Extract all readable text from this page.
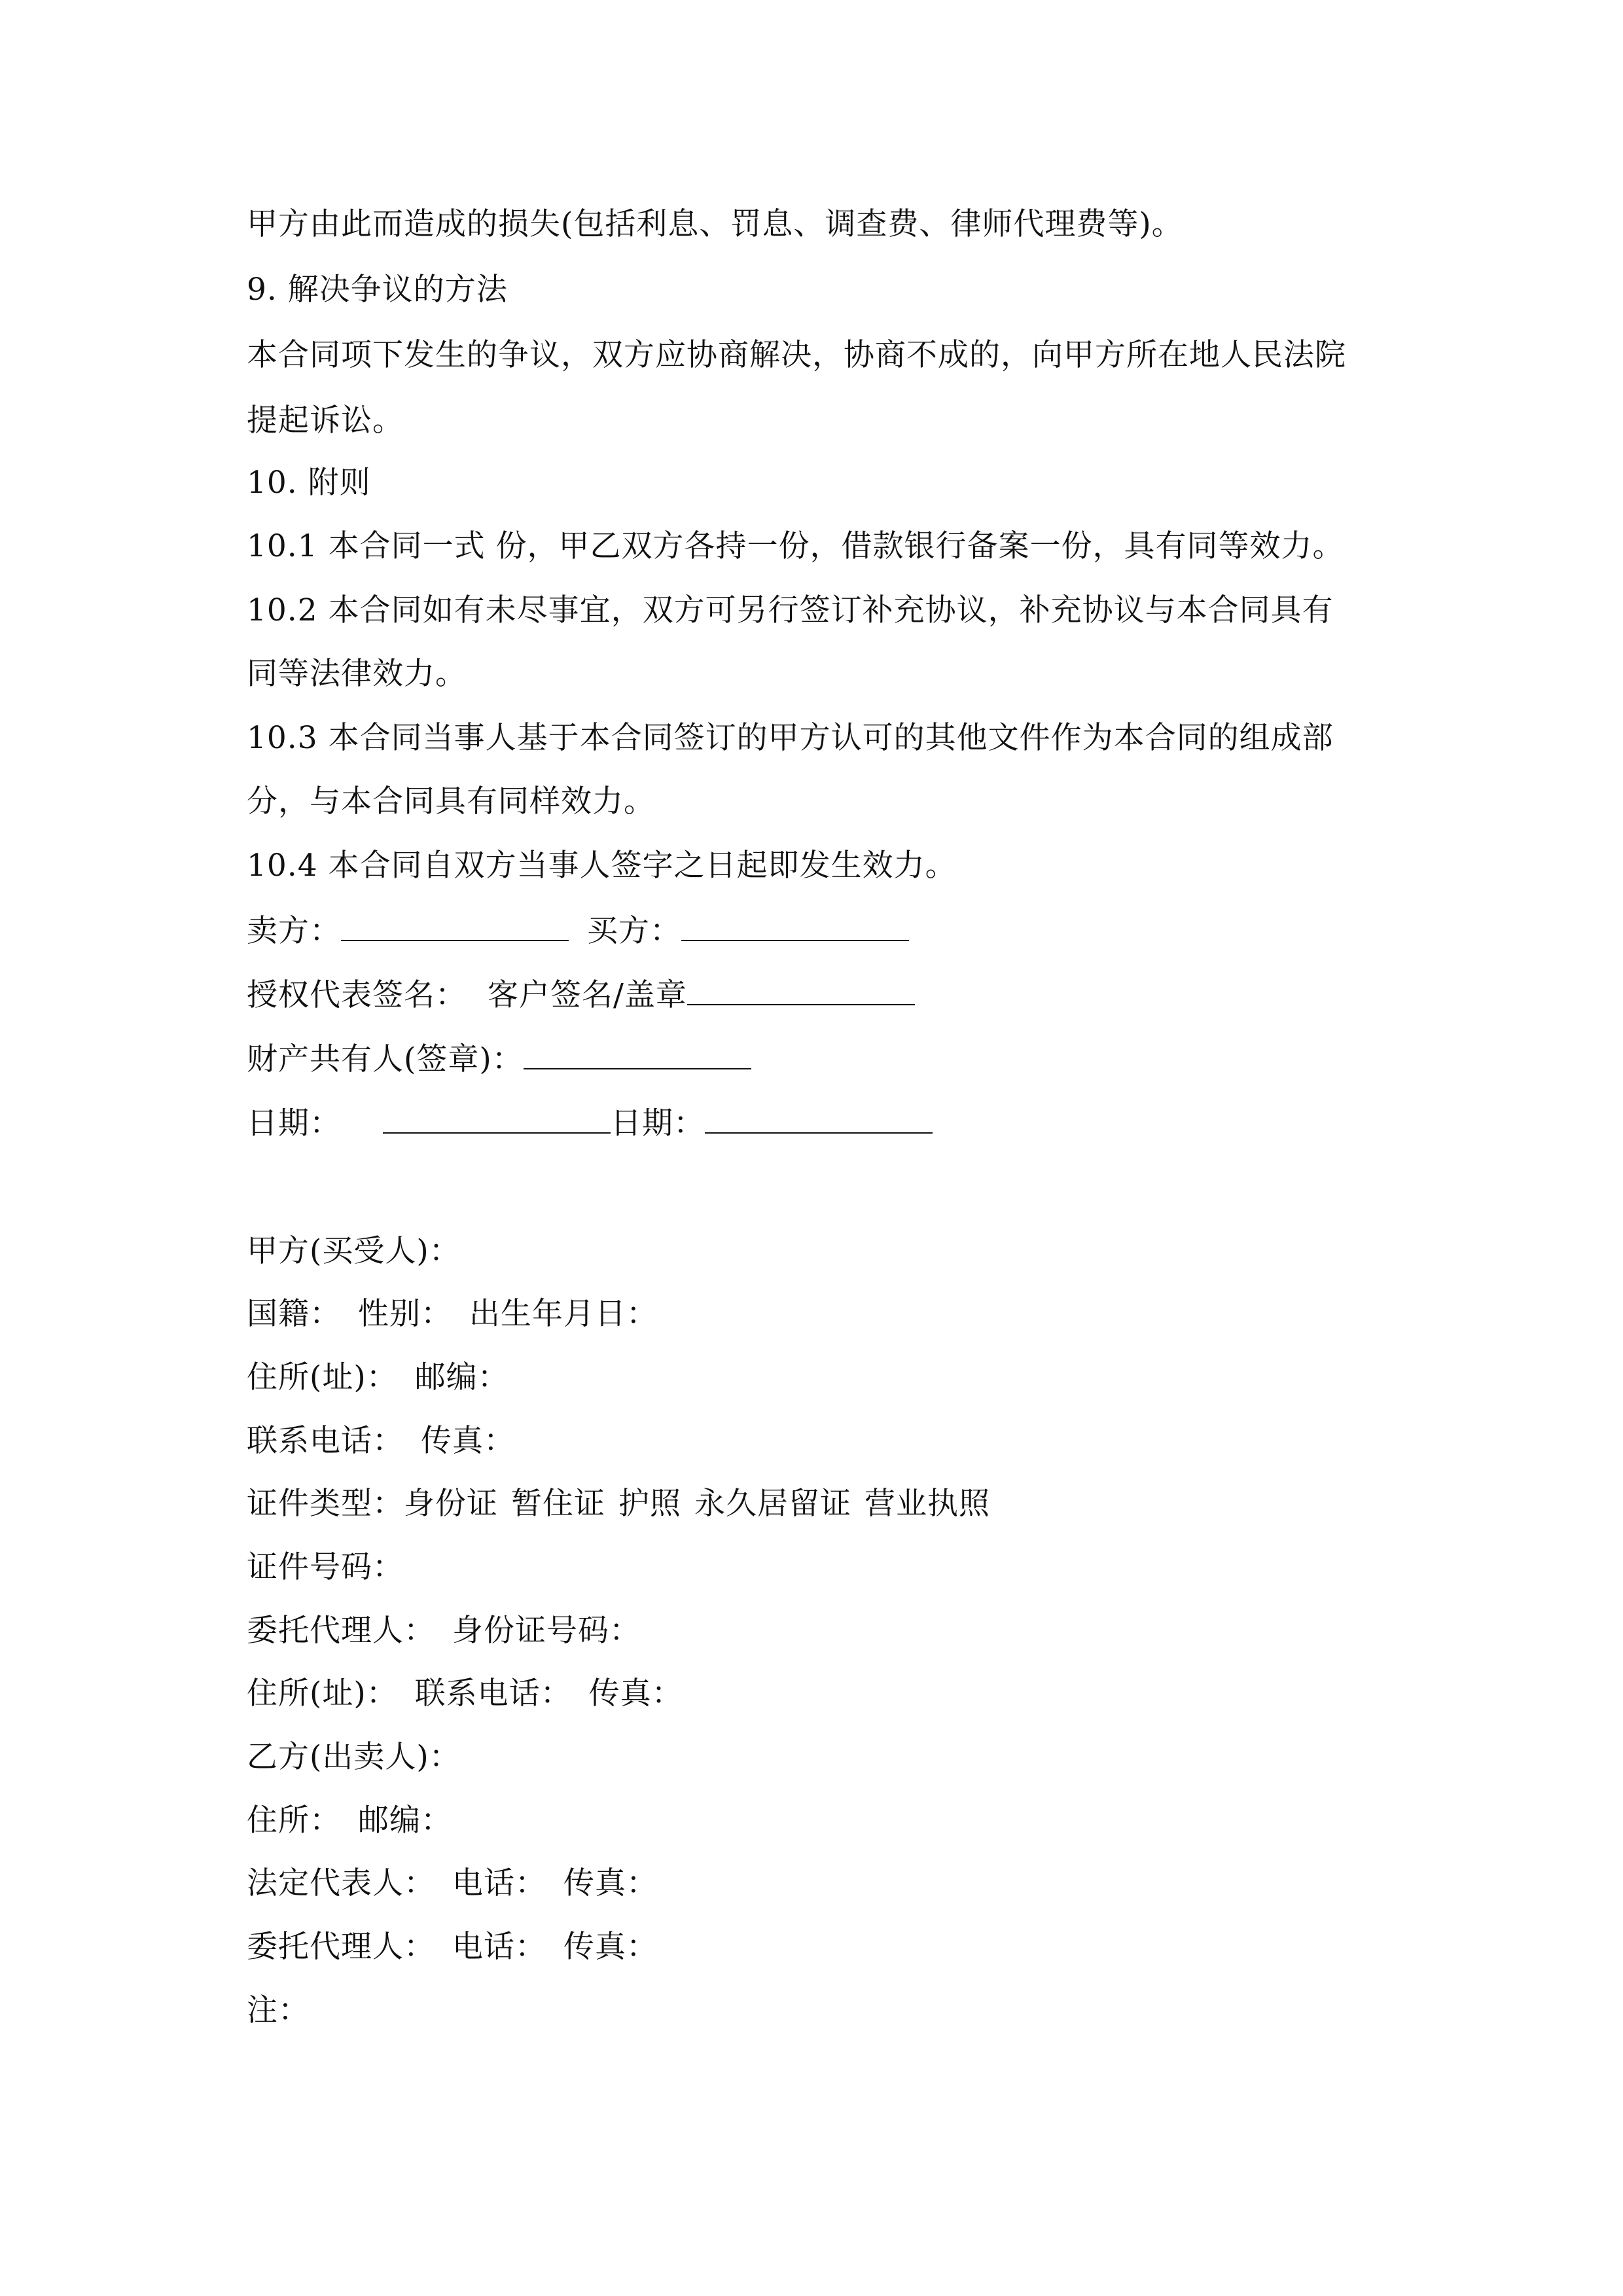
甲方由此而造成的损失(包括利息、罚息、调查费、律师代理费等)。
9. 解决争议的方法
本合同项下发生的争议，双方应协商解决，协商不成的，向甲方所在地人民法院
提起诉讼。
10. 附则
10.1 本合同一式 份，甲乙双方各持一份，借款银行备案一份，具有同等效力。
10.2 本合同如有未尽事宜，双方可另行签订补充协议，补充协议与本合同具有
同等法律效力。
10.3 本合同当事人基于本合同签订的甲方认可的其他文件作为本合同的组成部
分，与本合同具有同样效力。
10.4 本合同自双方当事人签字之日起即发生效力。
卖方：	买方：
授权代表签名： 客户签名/盖章
财产共有人(签章)：
日期：	日期：
甲方(买受人)：
国籍： 性别： 出生年月日：
住所(址)： 邮编：
联系电话： 传真：
证件类型：身份证 暂住证 护照 永久居留证 营业执照
证件号码：
委托代理人： 身份证号码：
住所(址)： 联系电话： 传真：
乙方(出卖人)：
住所： 邮编：
法定代表人： 电话： 传真：
委托代理人： 电话： 传真：
注：
